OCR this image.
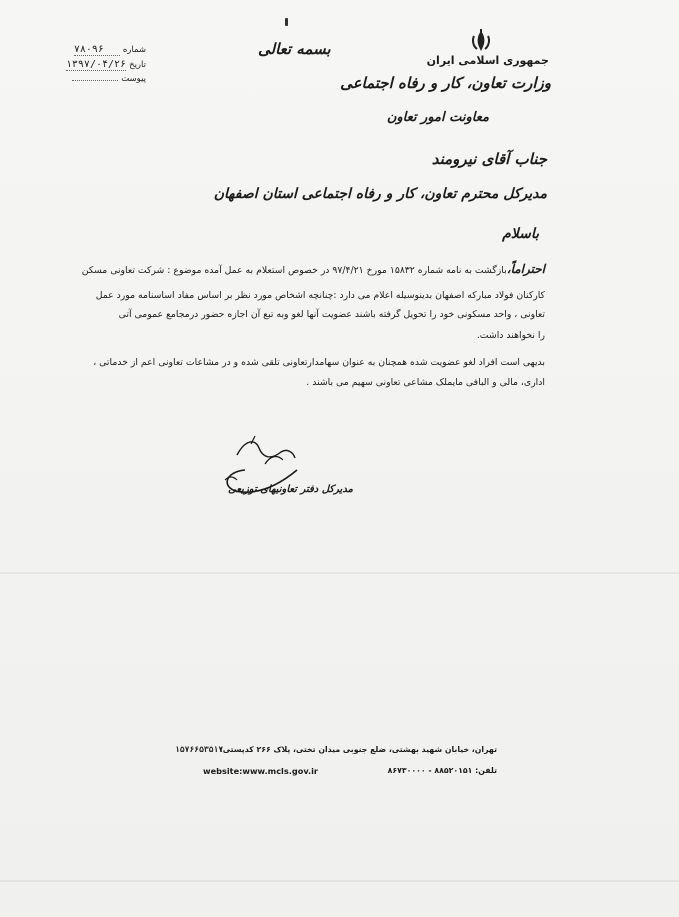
جمهوری اسلامی ایران
وزارت تعاون، کار و رفاه اجتماعی
معاونت امور تعاون
بسمه تعالی
۷۸۰۹۶	شماره
۱۳۹۷/۰۴/۲۶ تاریخ
پیوست
جناب آقای نیرومند
مدیرکل محترم تعاون، کار و رفاه اجتماعی استان اصفهان
باسلام
احتراماً،بازگشت به نامه شماره ۱۵۸۳۲ مورخ ۹۷/۴/۲۱ در خصوص استعلام به عمل آمده موضوع : شرکت تعاونی مسکن
کارکنان فولاد مبارکه اصفهان بدینوسیله اعلام می دارد :چنانچه اشخاص مورد نظر بر اساس مفاد اساسنامه مورد عمل
تعاونی ، واحد مسکونی خود را تحویل گرفته باشند عضویت آنها لغو وبه تبع آن اجازه حضور درمجامع عمومی آتی
را نخواهند داشت.
بدیهی است افراد لغو عضویت شده همچنان به عنوان سهامدارتعاونی تلقی شده و در مشاعات تعاونی اعم از خدماتی ،
اداری، مالی و البافی مایملک مشاعی تعاونی سهیم می باشند .
مدیرکل دفتر تعاونیهای توزیعی
تهران، خیابان شهید بهشتی، ضلع جنوبی میدان تختی، پلاک ۲۶۶ کدپستی:
۱۵۷۶۶۵۳۵۱۷
تلفن: ۸۸۵۲۰۱۵۱ - ۸۶۷۳۰۰۰۰
website:www.mcls.gov.ir
